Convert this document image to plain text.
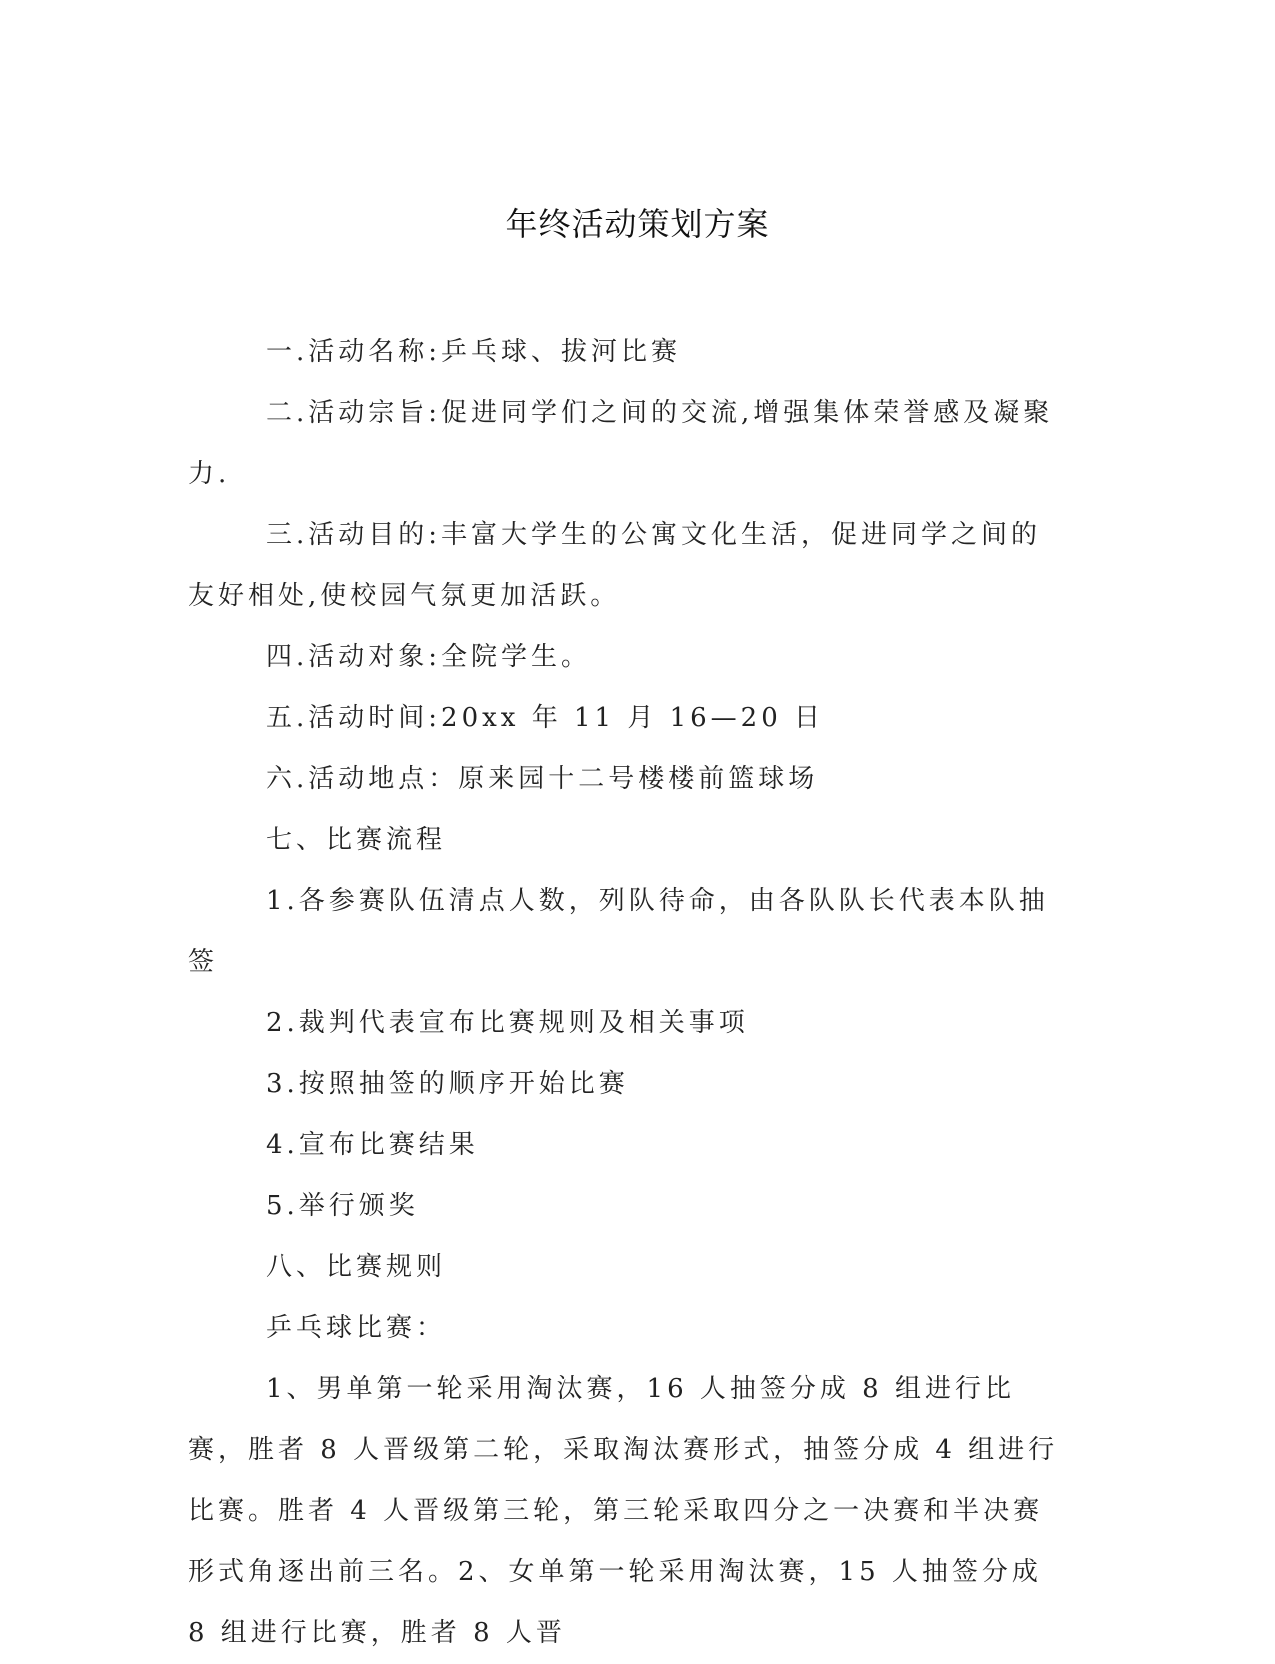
年终活动策划方案

一.活动名称:乒乓球、拔河比赛

二.活动宗旨:促进同学们之间的交流,增强集体荣誉感及凝聚力.

三.活动目的:丰富大学生的公寓文化生活，促进同学之间的友好相处,使校园气氛更加活跃。

四.活动对象:全院学生。

五.活动时间:20xx 年 11 月 16—20 日

六.活动地点：原来园十二号楼楼前篮球场

七、比赛流程

1.各参赛队伍清点人数，列队待命，由各队队长代表本队抽签

2.裁判代表宣布比赛规则及相关事项

3.按照抽签的顺序开始比赛

4.宣布比赛结果

5.举行颁奖

八、比赛规则

乒乓球比赛：

1、男单第一轮采用淘汰赛，16 人抽签分成 8 组进行比赛，胜者 8 人晋级第二轮，采取淘汰赛形式，抽签分成 4 组进行比赛。胜者 4 人晋级第三轮，第三轮采取四分之一决赛和半决赛形式角逐出前三名。2、女单第一轮采用淘汰赛，15 人抽签分成 8 组进行比赛，胜者 8 人晋
